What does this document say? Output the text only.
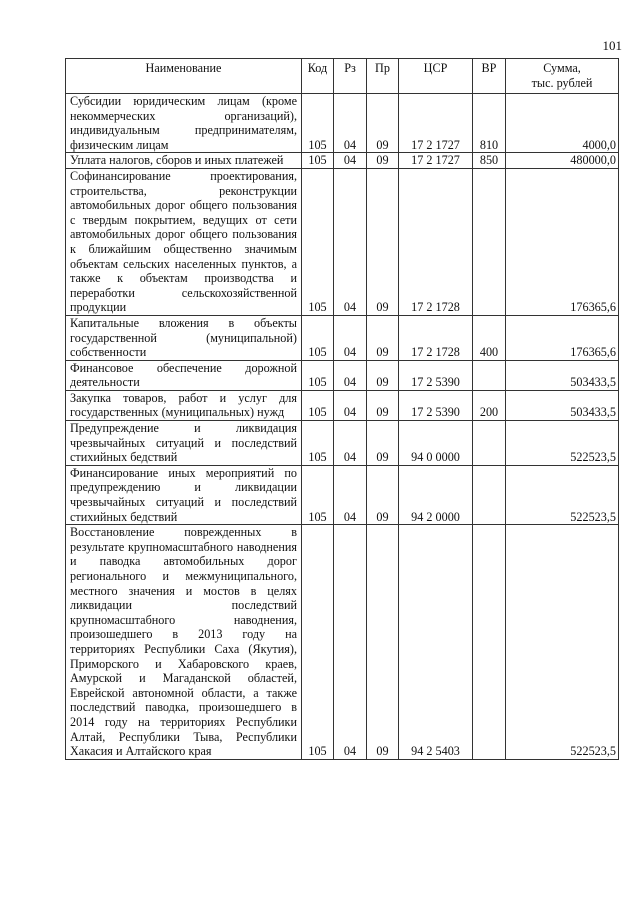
101
Наименование	Код	Рз	Пр	ЦСР	ВР	Сумма,
тыс. рублей

Субсидии юридическим лицам (кроме некоммерческих организаций), индивидуальным предпринимателям, физическим лицам	105	04	09	17 2 1727	810	4000,0
Уплата налогов, сборов и иных платежей	105	04	09	17 2 1727	850	480000,0
Софинансирование проектирования, строительства, реконструкции автомобильных дорог общего пользования с твердым покрытием, ведущих от сети автомобильных дорог общего пользования к ближайшим общественно значимым объектам сельских населенных пунктов, а также к объектам производства и переработки сельскохозяйственной продукции	105	04	09	17 2 1728		176365,6
Капитальные вложения в объекты государственной (муниципальной) собственности	105	04	09	17 2 1728	400	176365,6
Финансовое обеспечение дорожной деятельности	105	04	09	17 2 5390		503433,5
Закупка товаров, работ и услуг для государственных (муниципальных) нужд	105	04	09	17 2 5390	200	503433,5
Предупреждение и ликвидация чрезвычайных ситуаций и последствий стихийных бедствий	105	04	09	94 0 0000		522523,5
Финансирование иных мероприятий по предупреждению и ликвидации чрезвычайных ситуаций и последствий стихийных бедствий	105	04	09	94 2 0000		522523,5
Восстановление поврежденных в результате крупномасштабного наводнения и паводка автомобильных дорог регионального и межмуниципального, местного значения и мостов в целях ликвидации последствий крупномасштабного наводнения, произошедшего в 2013 году на территориях Республики Саха (Якутия), Приморского и Хабаровского краев, Амурской и Магаданской областей, Еврейской автономной области, а также последствий паводка, произошедшего в 2014 году на территориях Республики Алтай, Республики Тыва, Республики Хакасия и Алтайского края	105	04	09	94 2 5403		522523,5
